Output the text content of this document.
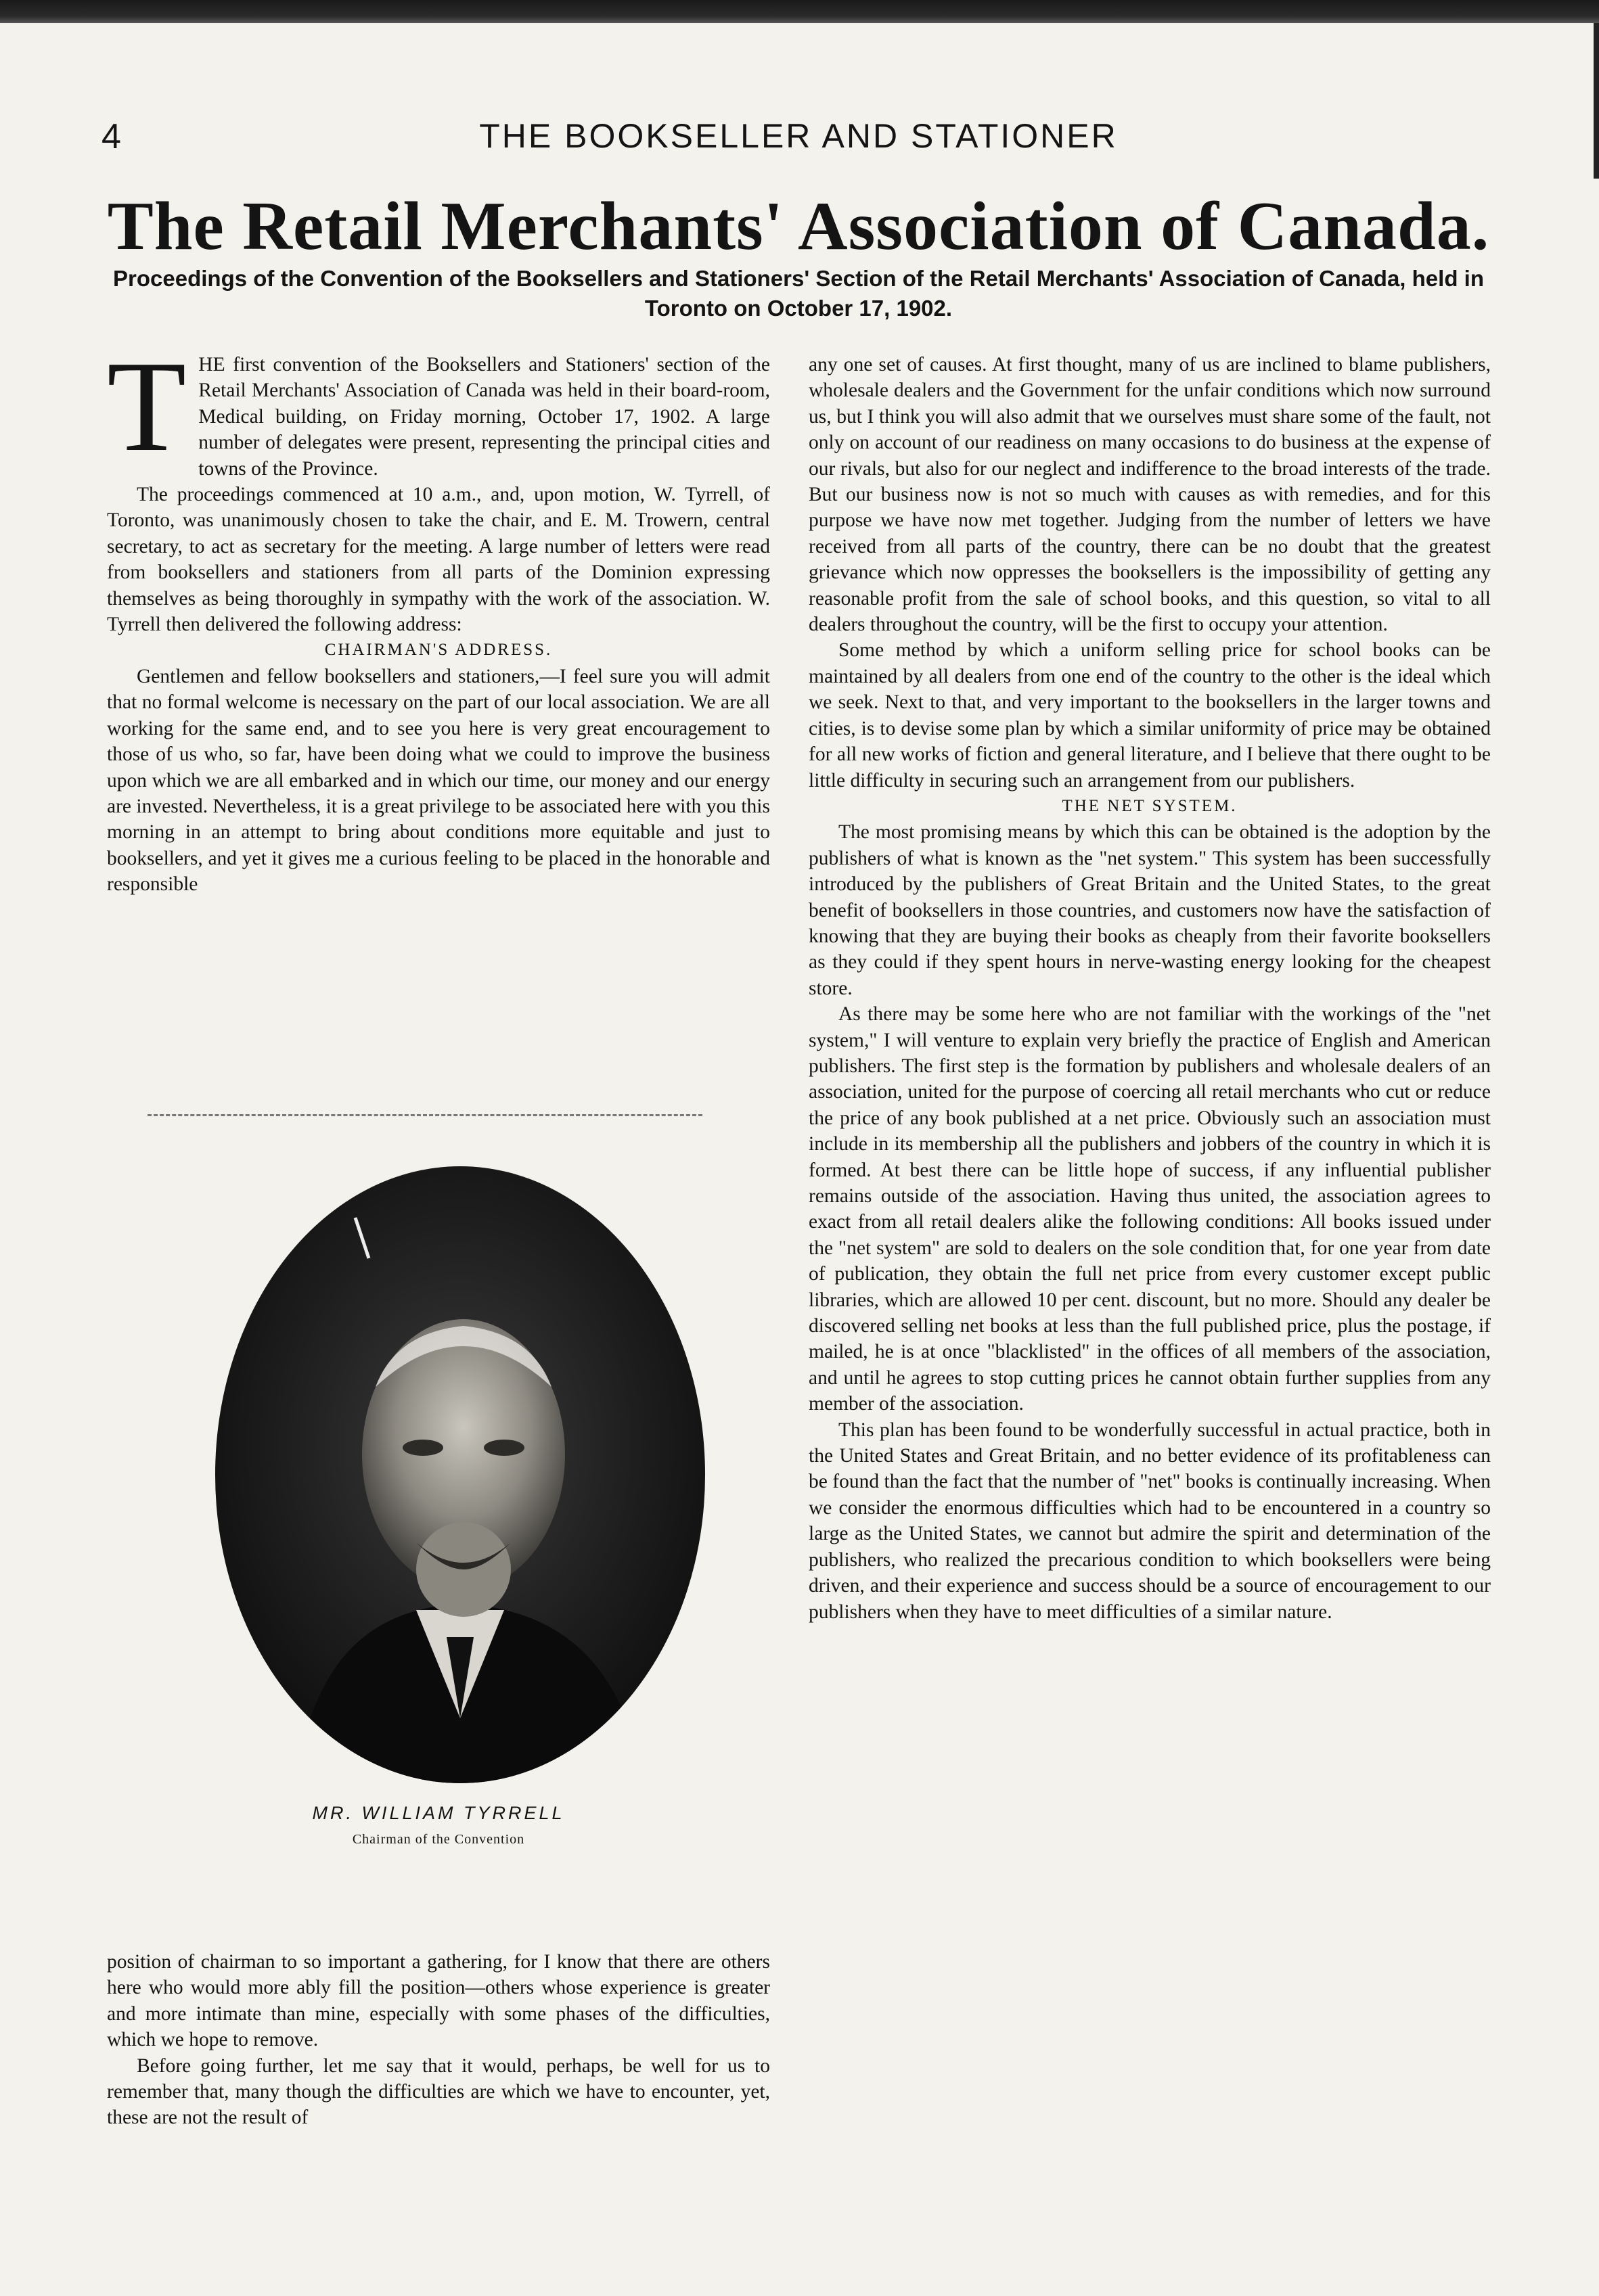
4	THE BOOKSELLER AND STATIONER
The Retail Merchants' Association of Canada.
Proceedings of the Convention of the Booksellers and Stationers' Section of the Retail Merchants' Association of Canada, held in Toronto on October 17, 1902.

THE first convention of the Booksellers and Stationers' section of the Retail Merchants' Association of Canada was held in their board-room, Medical building, on Friday morning, October 17, 1902. A large number of delegates were present, representing the principal cities and towns of the Province.

The proceedings commenced at 10 a.m., and, upon motion, W. Tyrrell, of Toronto, was unanimously chosen to take the chair, and E. M. Trowern, central secretary, to act as secretary for the meeting. A large number of letters were read from booksellers and stationers from all parts of the Dominion expressing themselves as being thoroughly in sympathy with the work of the association. W. Tyrrell then delivered the following address:

CHAIRMAN'S ADDRESS.

Gentlemen and fellow booksellers and stationers,—I feel sure you will admit that no formal welcome is necessary on the part of our local association. We are all working for the same end, and to see you here is very great encouragement to those of us who, so far, have been doing what we could to improve the business upon which we are all embarked and in which our time, our money and our energy are invested. Nevertheless, it is a great privilege to be associated here with you this morning in an attempt to bring about conditions more equitable and just to booksellers, and yet it gives me a curious feeling to be placed in the honorable and responsible

MR. WILLIAM TYRRELL
Chairman of the Convention

position of chairman to so important a gathering, for I know that there are others here who would more ably fill the position—others whose experience is greater and more intimate than mine, especially with some phases of the difficulties, which we hope to remove.

Before going further, let me say that it would, perhaps, be well for us to remember that, many though the difficulties are which we have to encounter, yet, these are not the result of

any one set of causes. At first thought, many of us are inclined to blame publishers, wholesale dealers and the Government for the unfair conditions which now surround us, but I think you will also admit that we ourselves must share some of the fault, not only on account of our readiness on many occasions to do business at the expense of our rivals, but also for our neglect and indifference to the broad interests of the trade. But our business now is not so much with causes as with remedies, and for this purpose we have now met together. Judging from the number of letters we have received from all parts of the country, there can be no doubt that the greatest grievance which now oppresses the booksellers is the impossibility of getting any reasonable profit from the sale of school books, and this question, so vital to all dealers throughout the country, will be the first to occupy your attention.

Some method by which a uniform selling price for school books can be maintained by all dealers from one end of the country to the other is the ideal which we seek. Next to that, and very important to the booksellers in the larger towns and cities, is to devise some plan by which a similar uniformity of price may be obtained for all new works of fiction and general literature, and I believe that there ought to be little difficulty in securing such an arrangement from our publishers.

THE NET SYSTEM.

The most promising means by which this can be obtained is the adoption by the publishers of what is known as the "net system." This system has been successfully introduced by the publishers of Great Britain and the United States, to the great benefit of booksellers in those countries, and customers now have the satisfaction of knowing that they are buying their books as cheaply from their favorite booksellers as they could if they spent hours in nerve-wasting energy looking for the cheapest store.

As there may be some here who are not familiar with the workings of the "net system," I will venture to explain very briefly the practice of English and American publishers. The first step is the formation by publishers and wholesale dealers of an association, united for the purpose of coercing all retail merchants who cut or reduce the price of any book published at a net price. Obviously such an association must include in its membership all the publishers and jobbers of the country in which it is formed. At best there can be little hope of success, if any influential publisher remains outside of the association. Having thus united, the association agrees to exact from all retail dealers alike the following conditions: All books issued under the "net system" are sold to dealers on the sole condition that, for one year from date of publication, they obtain the full net price from every customer except public libraries, which are allowed 10 per cent. discount, but no more. Should any dealer be discovered selling net books at less than the full published price, plus the postage, if mailed, he is at once "blacklisted" in the offices of all members of the association, and until he agrees to stop cutting prices he cannot obtain further supplies from any member of the association.

This plan has been found to be wonderfully successful in actual practice, both in the United States and Great Britain, and no better evidence of its profitableness can be found than the fact that the number of "net" books is continually increasing. When we consider the enormous difficulties which had to be encountered in a country so large as the United States, we cannot but admire the spirit and determination of the publishers, who realized the precarious condition to which booksellers were being driven, and their experience and success should be a source of encouragement to our publishers when they have to meet difficulties of a similar nature.
